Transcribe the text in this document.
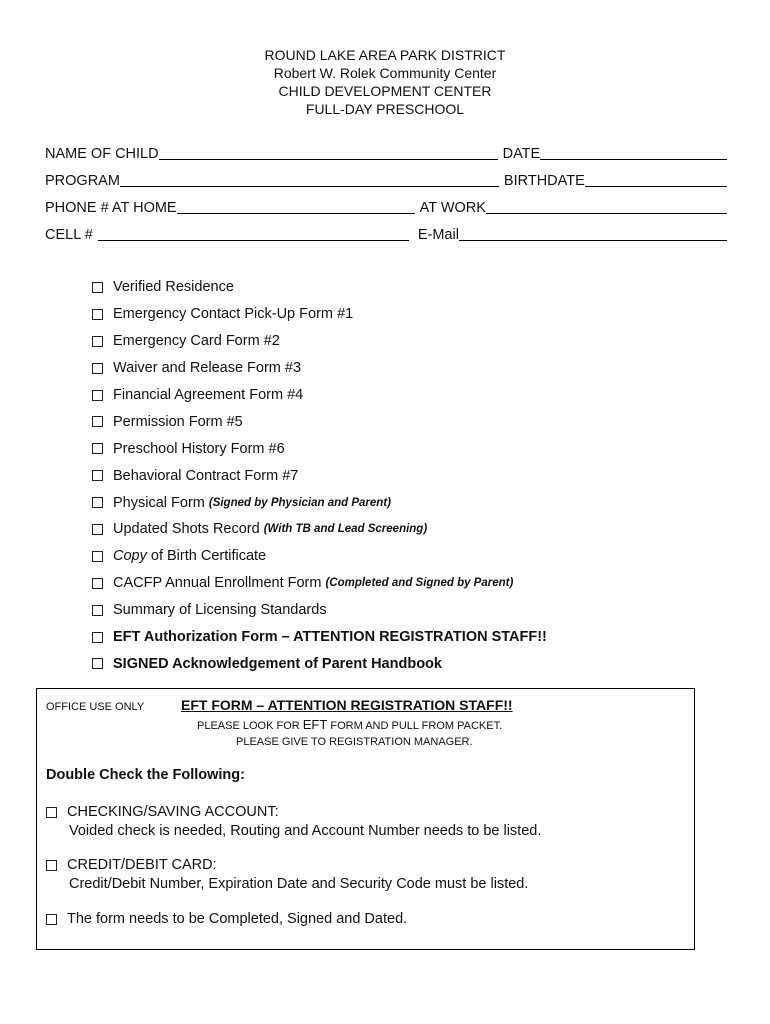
ROUND LAKE AREA PARK DISTRICT
Robert W. Rolek Community Center
CHILD DEVELOPMENT CENTER
FULL-DAY PRESCHOOL
NAME OF CHILD	DATE
PROGRAM	BIRTHDATE
PHONE # AT HOME	AT WORK
CELL #	E-Mail
Verified Residence
Emergency Contact Pick-Up Form #1
Emergency Card Form #2
Waiver and Release Form #3
Financial Agreement Form #4
Permission Form #5
Preschool History Form #6
Behavioral Contract Form #7
Physical Form (Signed by Physician and Parent)
Updated Shots Record (With TB and Lead Screening)
Copy of Birth Certificate
CACFP Annual Enrollment Form (Completed and Signed by Parent)
Summary of Licensing Standards
EFT Authorization Form – ATTENTION REGISTRATION STAFF!!
SIGNED Acknowledgement of Parent Handbook
OFFICE USE ONLY	EFT FORM – ATTENTION REGISTRATION STAFF!!
PLEASE LOOK FOR EFT FORM AND PULL FROM PACKET.
PLEASE GIVE TO REGISTRATION MANAGER.
Double Check the Following:
CHECKING/SAVING ACCOUNT:
Voided check is needed, Routing and Account Number needs to be listed.
CREDIT/DEBIT CARD:
Credit/Debit Number, Expiration Date and Security Code must be listed.
The form needs to be Completed, Signed and Dated.
